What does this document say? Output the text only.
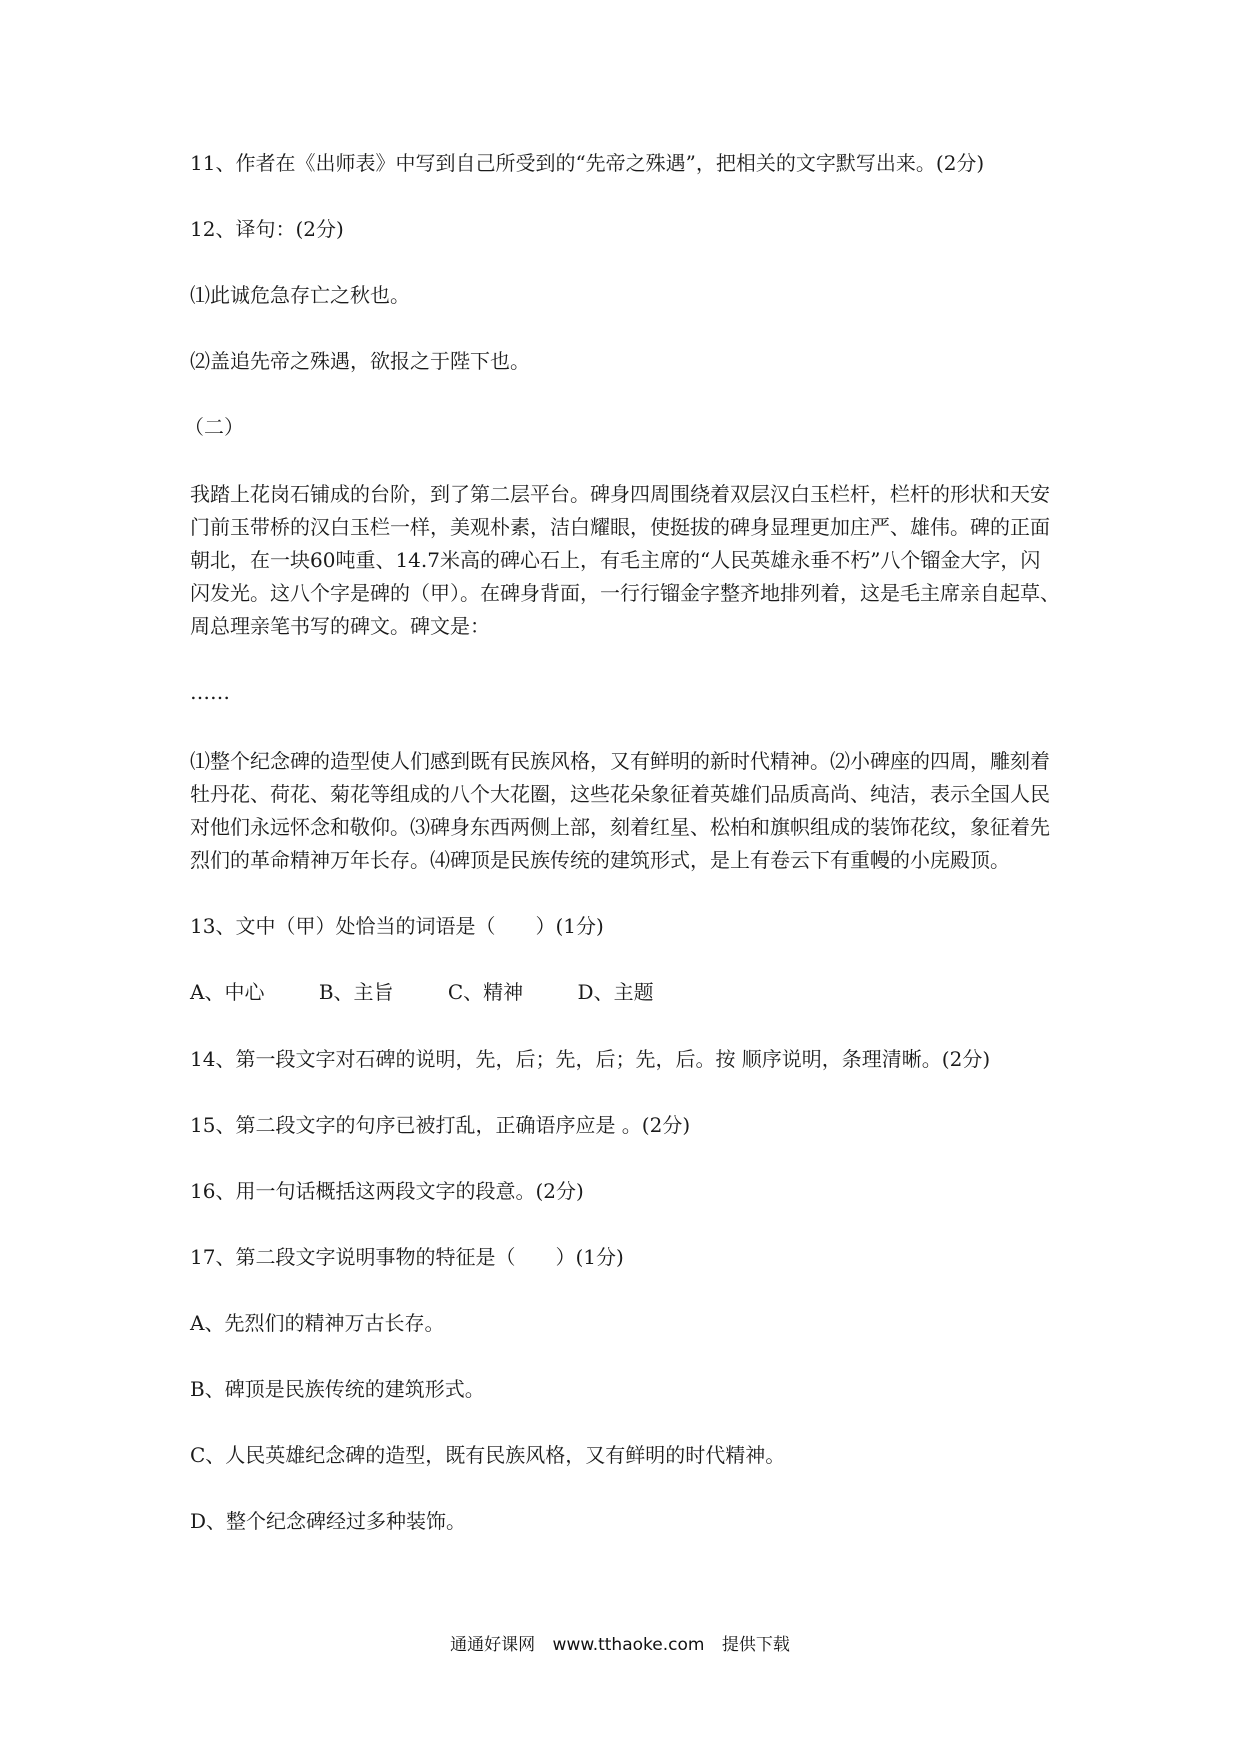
11、作者在《出师表》中写到自己所受到的“先帝之殊遇”，把相关的文字默写出来。(2分)

12、译句：(2分)

⑴此诚危急存亡之秋也。

⑵盖追先帝之殊遇，欲报之于陛下也。

（二）

我踏上花岗石铺成的台阶，到了第二层平台。碑身四周围绕着双层汉白玉栏杆，栏杆的形状和天安门前玉带桥的汉白玉栏一样，美观朴素，洁白耀眼，使挺拔的碑身显理更加庄严、雄伟。碑的正面朝北，在一块60吨重、14.7米高的碑心石上，有毛主席的“人民英雄永垂不朽”八个镏金大字，闪闪发光。这八个字是碑的（甲）。在碑身背面，一行行镏金字整齐地排列着，这是毛主席亲自起草、周总理亲笔书写的碑文。碑文是：

……

⑴整个纪念碑的造型使人们感到既有民族风格，又有鲜明的新时代精神。⑵小碑座的四周，雕刻着牡丹花、荷花、菊花等组成的八个大花圈，这些花朵象征着英雄们品质高尚、纯洁，表示全国人民对他们永远怀念和敬仰。⑶碑身东西两侧上部，刻着红星、松柏和旗帜组成的装饰花纹，象征着先烈们的革命精神万年长存。⑷碑顶是民族传统的建筑形式，是上有卷云下有重幔的小庑殿顶。

13、文中（甲）处恰当的词语是（　　）(1分)

A、中心	B、主旨	C、精神	D、主题

14、第一段文字对石碑的说明，先，后；先，后；先，后。按 顺序说明，条理清晰。(2分)

15、第二段文字的句序已被打乱，正确语序应是 。(2分)

16、用一句话概括这两段文字的段意。(2分)

17、第二段文字说明事物的特征是（　　）(1分)

A、先烈们的精神万古长存。

B、碑顶是民族传统的建筑形式。

C、人民英雄纪念碑的造型，既有民族风格，又有鲜明的时代精神。

D、整个纪念碑经过多种装饰。

通通好课网 www.tthaoke.com 提供下载
